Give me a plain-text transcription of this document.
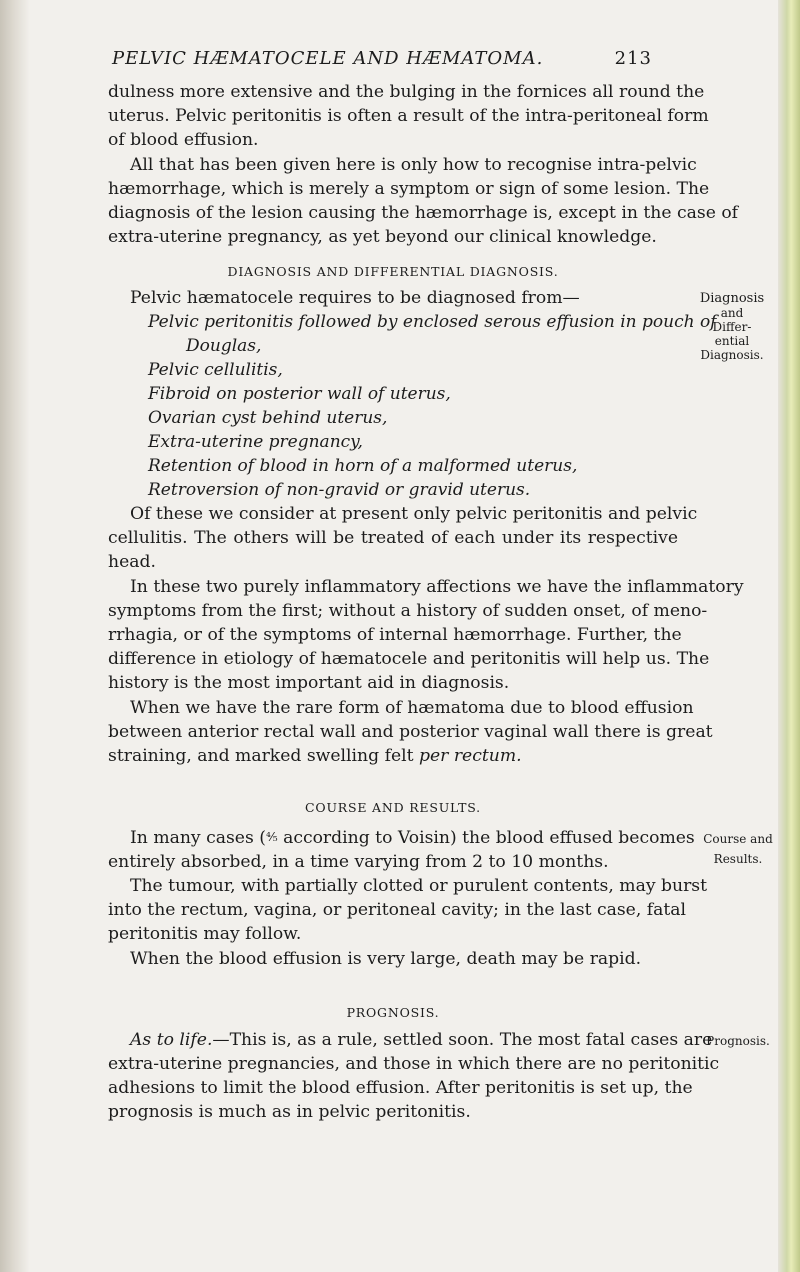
PELVIC HÆMATOCELE AND HÆMATOMA.	213
dulness more extensive and the bulging in the fornices all round the
uterus. Pelvic peritonitis is often a result of the intra-peritoneal form
of blood effusion.
All that has been given here is only how to recognise intra-pelvic
hæmorrhage, which is merely a symptom or sign of some lesion. The
diagnosis of the lesion causing the hæmorrhage is, except in the case of
extra-uterine pregnancy, as yet beyond our clinical knowledge.
DIAGNOSIS AND DIFFERENTIAL DIAGNOSIS.
Pelvic hæmatocele requires to be diagnosed from—
Pelvic peritonitis followed by enclosed serous effusion in pouch of
Douglas,
Pelvic cellulitis,
Fibroid on posterior wall of uterus,
Ovarian cyst behind uterus,
Extra-uterine pregnancy,
Retention of blood in horn of a malformed uterus,
Retroversion of non-gravid or gravid uterus.
Diagnosis
and
Differ-
ential
Diagnosis.
Of these we consider at present only pelvic peritonitis and pelvic
cellulitis. The others will be treated of each under its respective
head.
In these two purely inflammatory affections we have the inflammatory
symptoms from the first; without a history of sudden onset, of meno-
rrhagia, or of the symptoms of internal hæmorrhage. Further, the
difference in etiology of hæmatocele and peritonitis will help us. The
history is the most important aid in diagnosis.
When we have the rare form of hæmatoma due to blood effusion
between anterior rectal wall and posterior vaginal wall there is great
straining, and marked swelling felt per rectum.
COURSE AND RESULTS.
In many cases (⅘ according to Voisin) the blood effused becomes
entirely absorbed, in a time varying from 2 to 10 months.
The tumour, with partially clotted or purulent contents, may burst
into the rectum, vagina, or peritoneal cavity; in the last case, fatal
peritonitis may follow.
When the blood effusion is very large, death may be rapid.
Course and
Results.
PROGNOSIS.
As to life.—This is, as a rule, settled soon. The most fatal cases are
extra-uterine pregnancies, and those in which there are no peritonitic
adhesions to limit the blood effusion. After peritonitis is set up, the
prognosis is much as in pelvic peritonitis.
Prognosis.
